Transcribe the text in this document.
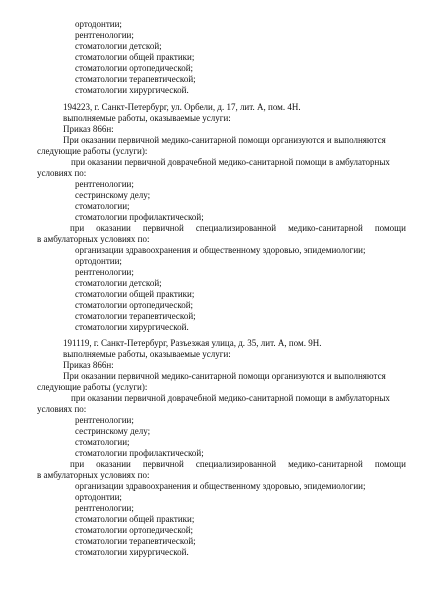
ортодонтии;
рентгенологии;
стоматологии детской;
стоматологии общей практики;
стоматологии ортопедической;
стоматологии терапевтической;
стоматологии хирургической.
194223, г. Санкт-Петербург, ул. Орбели, д. 17, лит. А, пом. 4Н.
выполняемые работы, оказываемые услуги:
Приказ 866н:
При оказании первичной медико-санитарной помощи организуются и выполняются
следующие работы (услуги):
при оказании первичной доврачебной медико-санитарной помощи в амбулаторных
условиях по:
рентгенологии;
сестринскому делу;
стоматологии;
стоматологии профилактической;
при оказании первичной специализированной медико-санитарной помощи
в амбулаторных условиях по:
организации здравоохранения и общественному здоровью, эпидемиологии;
ортодонтии;
рентгенологии;
стоматологии детской;
стоматологии общей практики;
стоматологии ортопедической;
стоматологии терапевтической;
стоматологии хирургической.
191119, г. Санкт-Петербург, Разъезжая улица, д. 35, лит. А, пом. 9Н.
выполняемые работы, оказываемые услуги:
Приказ 866н:
При оказании первичной медико-санитарной помощи организуются и выполняются
следующие работы (услуги):
при оказании первичной доврачебной медико-санитарной помощи в амбулаторных
условиях по:
рентгенологии;
сестринскому делу;
стоматологии;
стоматологии профилактической;
при оказании первичной специализированной медико-санитарной помощи
в амбулаторных условиях по:
организации здравоохранения и общественному здоровью, эпидемиологии;
ортодонтии;
рентгенологии;
стоматологии общей практики;
стоматологии ортопедической;
стоматологии терапевтической;
стоматологии хирургической.
